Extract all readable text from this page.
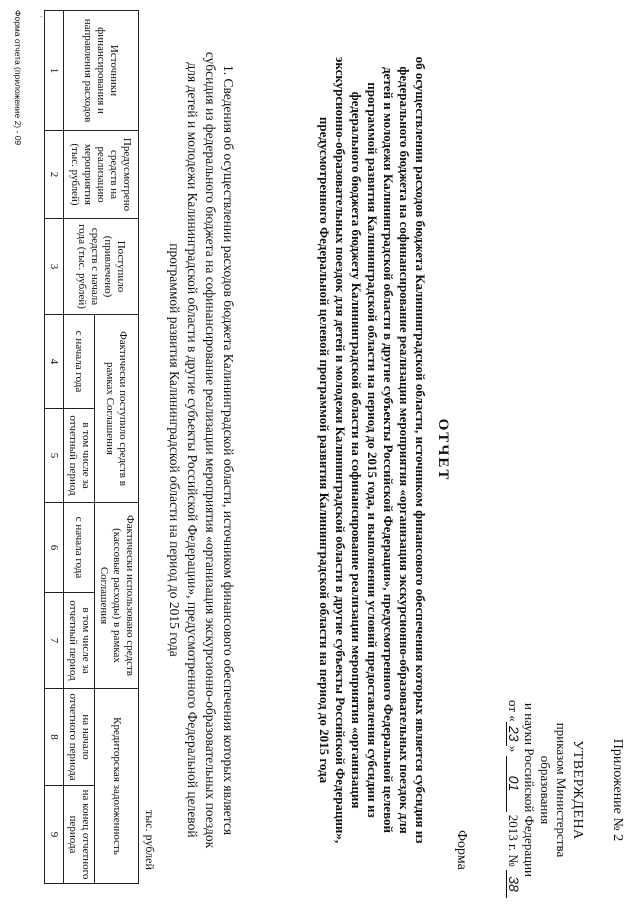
-
Приложение № 2
УТВЕРЖДЕНА
приказом Министерства образования
и науки Российской Федерации
от «23» 01 2013 г. № 38
Форма
ОТЧЕТ
об осуществлении расходов бюджета Калининградской области, источником финансового обеспечения которых является субсидия из федерального бюджета на софинансирование реализации мероприятия «организация экскурсионно-образовательных поездок для детей и молодежи Калининградской области в другие субъекты Российской Федерации», предусмотренного Федеральной целевой программой развития Калининградской области на период до 2015 года, и выполнении условий предоставления субсидии из федерального бюджета бюджету Калининградской области на софинансирование реализации мероприятия «организация экскурсионно-образовательных поездок для детей и молодежи Калининградской области в другие субъекты Российской Федерации», предусмотренного Федеральной целевой программой развития Калининградской области на период до 2015 года
1. Сведения об осуществлении расходов бюджета Калининградской области, источником финансового обеспечения которых является субсидия из федерального бюджета на софинансирование реализации мероприятия «организация экскурсионно-образовательных поездок для детей и молодежи Калининградской области в другие субъекты Российской Федерации», предусмотренного Федеральной целевой программой развития Калининградской области на период до 2015 года
тыс. рублей
Источники финансирования и направления расходов	Предусмотрено средств на реализацию мероприятия (тыс. рублей)	Поступило (привлечено) средств с начала года (тыс. рублей)	Фактически поступило средств в рамках Соглашения		Фактически использовано средств (кассовые расходы) в рамках Соглашения		Кредиторская задолженность	
			с начала года	в том числе за отчетный период	с начала года	в том числе за отчетный период	на начало отчетного периода	на конец отчетного периода
1	2	3	4	5	6	7	8	9
Форма отчета (приложение 2) - 09
